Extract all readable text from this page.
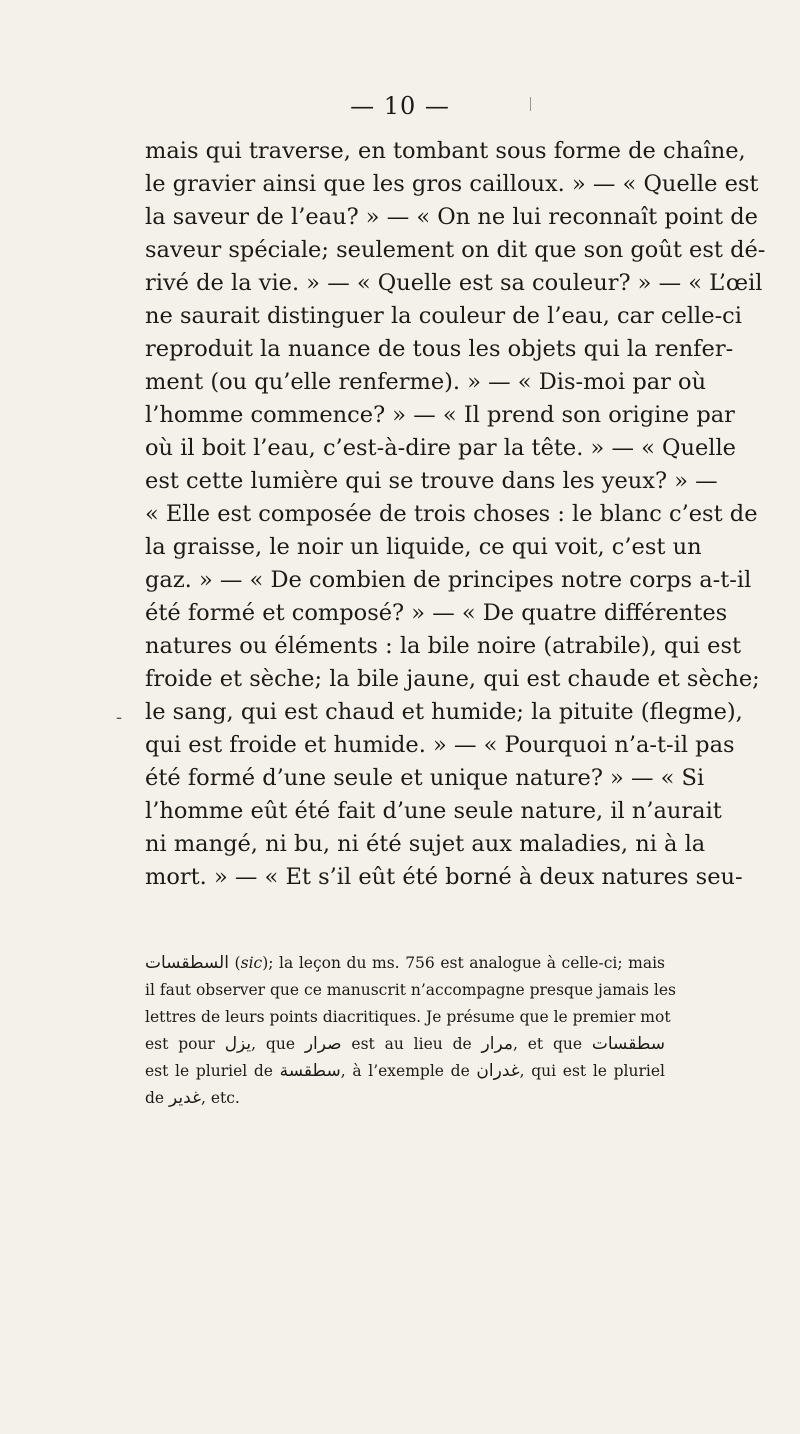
— 10 —
mais qui traverse, en tombant sous forme de chaîne,
le gravier ainsi que les gros cailloux. » — « Quelle est
la saveur de l’eau? » — « On ne lui reconnaît point de
saveur spéciale; seulement on dit que son goût est dé-
rivé de la vie. » — « Quelle est sa couleur? » — « L’œil
ne saurait distinguer la couleur de l’eau, car celle-ci
reproduit la nuance de tous les objets qui la renfer-
ment (ou qu’elle renferme). » — « Dis-moi par où
l’homme commence? » — « Il prend son origine par
où il boit l’eau, c’est-à-dire par la tête. » — « Quelle
est cette lumière qui se trouve dans les yeux? » —
« Elle est composée de trois choses : le blanc c’est de
la graisse, le noir un liquide, ce qui voit, c’est un
gaz. » — « De combien de principes notre corps a-t-il
été formé et composé? » — « De quatre différentes
natures ou éléments : la bile noire (atrabile), qui est
froide et sèche; la bile jaune, qui est chaude et sèche;
le sang, qui est chaud et humide; la pituite (flegme),
qui est froide et humide. » — « Pourquoi n’a-t-il pas
été formé d’une seule et unique nature? » — « Si
l’homme eût été fait d’une seule nature, il n’aurait
ni mangé, ni bu, ni été sujet aux maladies, ni à la
mort. » — « Et s’il eût été borné à deux natures seu-
-
السطقسات (sic); la leçon du ms. 756 est analogue à celle-ci; mais
il faut observer que ce manuscrit n’accompagne presque jamais les
lettres de leurs points diacritiques. Je présume que le premier mot
est pour يزل, que صرار est au lieu de مرار, et que سطقسات
est le pluriel de سطقسة, à l’exemple de غدران, qui est le pluriel
de غدير, etc.
